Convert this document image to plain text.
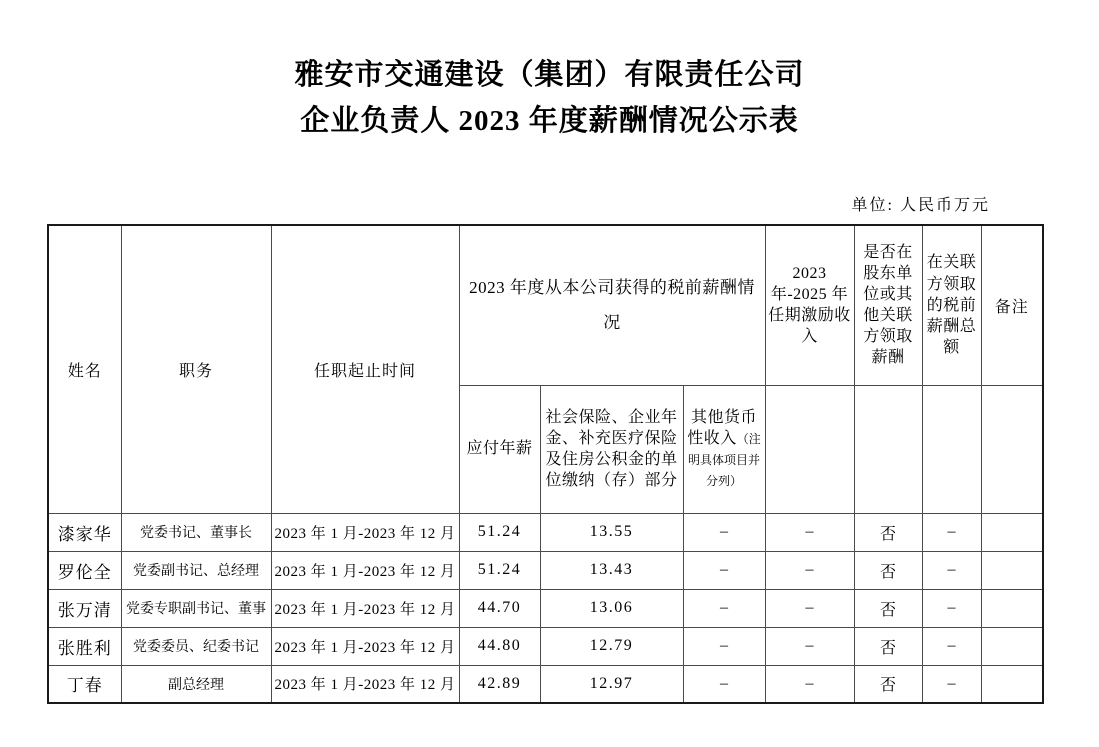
雅安市交通建设（集团）有限责任公司
企业负责人 2023 年度薪酬情况公示表
单位: 人民币万元
姓名	职务	任职起止时间	2023 年度从本公司获得的税前薪酬情况			2023 年-2025 年任期激励收入	是否在股东单位或其他关联方领取薪酬	在关联方领取的税前薪酬总额	备注
			应付年薪	社会保险、企业年金、补充医疗保险及住房公积金的单位缴纳（存）部分	其他货币性收入（注明具体项目并分列）				
漆家华	党委书记、董事长	2023 年 1 月-2023 年 12 月	51.24	13.55	–	–	否	–	
罗伦全	党委副书记、总经理	2023 年 1 月-2023 年 12 月	51.24	13.43	–	–	否	–	
张万清	党委专职副书记、董事	2023 年 1 月-2023 年 12 月	44.70	13.06	–	–	否	–	
张胜利	党委委员、纪委书记	2023 年 1 月-2023 年 12 月	44.80	12.79	–	–	否	–	
丁春	副总经理	2023 年 1 月-2023 年 12 月	42.89	12.97	–	–	否	–	
